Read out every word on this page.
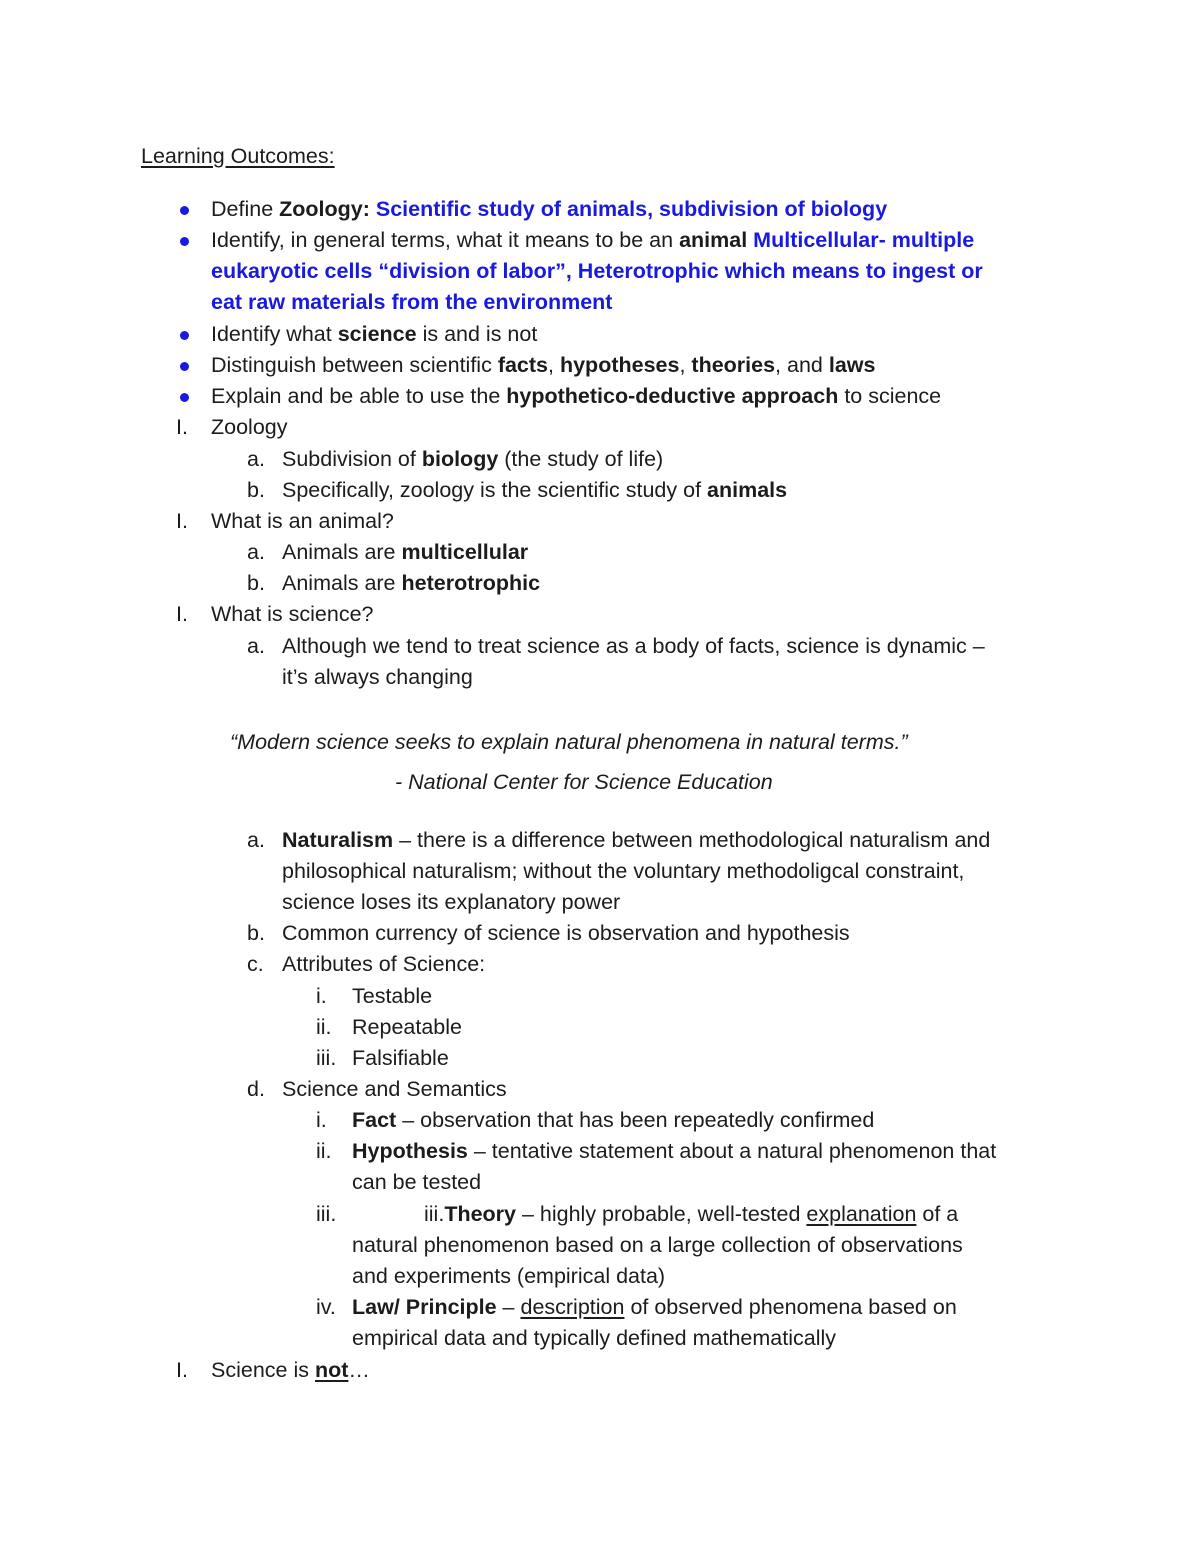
Learning Outcomes:
Define Zoology: Scientific study of animals, subdivision of biology
Identify, in general terms, what it means to be an animal Multicellular- multiple
eukaryotic cells “division of labor”, Heterotrophic which means to ingest or
eat raw materials from the environment
Identify what science is and is not
Distinguish between scientific facts, hypotheses, theories, and laws
Explain and be able to use the hypothetico-deductive approach to science
I. Zoology
a. Subdivision of biology (the study of life)
b. Specifically, zoology is the scientific study of animals
I. What is an animal?
a. Animals are multicellular
b. Animals are heterotrophic
I. What is science?
a. Although we tend to treat science as a body of facts, science is dynamic –
it’s always changing
“Modern science seeks to explain natural phenomena in natural terms.”
- National Center for Science Education
a. Naturalism – there is a difference between methodological naturalism and
philosophical naturalism; without the voluntary methodoligcal constraint,
science loses its explanatory power
b. Common currency of science is observation and hypothesis
c. Attributes of Science:
i. Testable
ii. Repeatable
iii. Falsifiable
d. Science and Semantics
i. Fact – observation that has been repeatedly confirmed
ii. Hypothesis – tentative statement about a natural phenomenon that
can be tested
iii.	iii.Theory – highly probable, well-tested explanation of a
natural phenomenon based on a large collection of observations
and experiments (empirical data)
iv. Law/ Principle – description of observed phenomena based on
empirical data and typically defined mathematically
I. Science is not…
